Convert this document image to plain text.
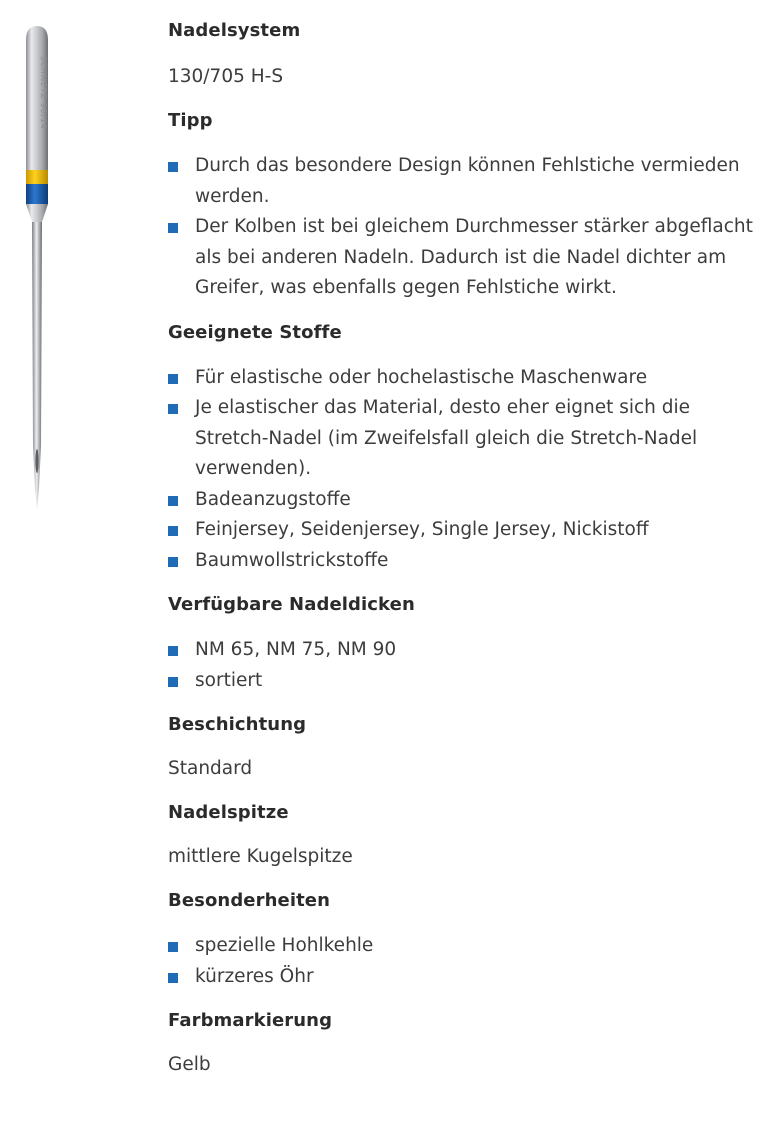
SCHMETZ 90/14
Nadelsystem

130/705 H-S

Tipp
Durch das besondere Design können Fehlstiche vermieden werden.
Der Kolben ist bei gleichem Durchmesser stärker abgeflacht als bei anderen Nadeln. Dadurch ist die Nadel dichter am Greifer, was ebenfalls gegen Fehlstiche wirkt.
Geeignete Stoffe
Für elastische oder hochelastische Maschenware
Je elastischer das Material, desto eher eignet sich die Stretch-Nadel (im Zweifelsfall gleich die Stretch-Nadel verwenden).
Badeanzugstoffe
Feinjersey, Seidenjersey, Single Jersey, Nickistoff
Baumwollstrickstoffe
Verfügbare Nadeldicken
NM 65, NM 75, NM 90
sortiert
Beschichtung

Standard

Nadelspitze

mittlere Kugelspitze

Besonderheiten
spezielle Hohlkehle
kürzeres Öhr
Farbmarkierung

Gelb
